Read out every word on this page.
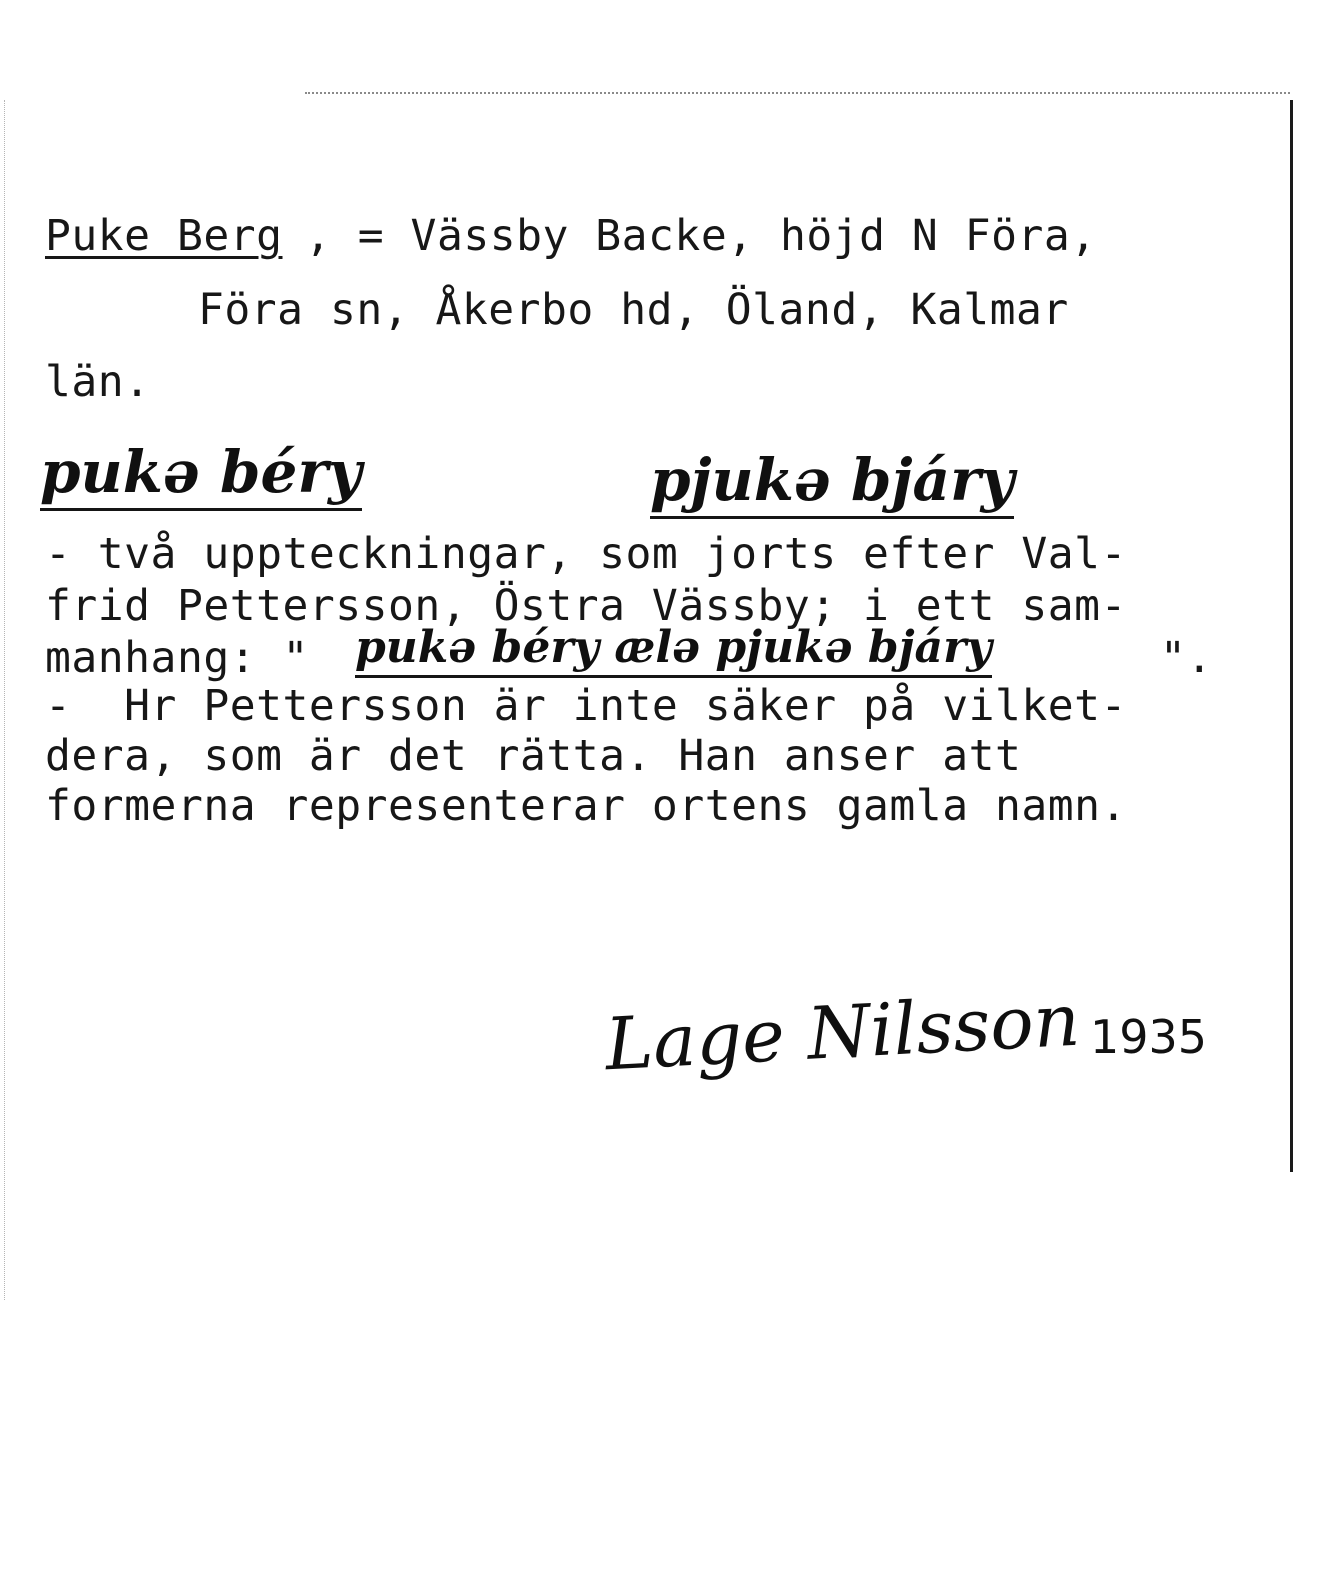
Puke Berg , = Vässby Backe, höjd N Föra,
Föra sn, Åkerbo hd, Öland, Kalmar
län.
pukə béry	pjukə bjáry
- två uppteckningar, som jorts efter Val-
frid Pettersson, Östra Vässby; i ett sam-
manhang: " pukə béry ælə pjukə bjáry	".
-  Hr Pettersson är inte säker på vilket-
dera, som är det rätta. Han anser att
formerna representerar ortens gamla namn.
Lage Nilsson 1935
